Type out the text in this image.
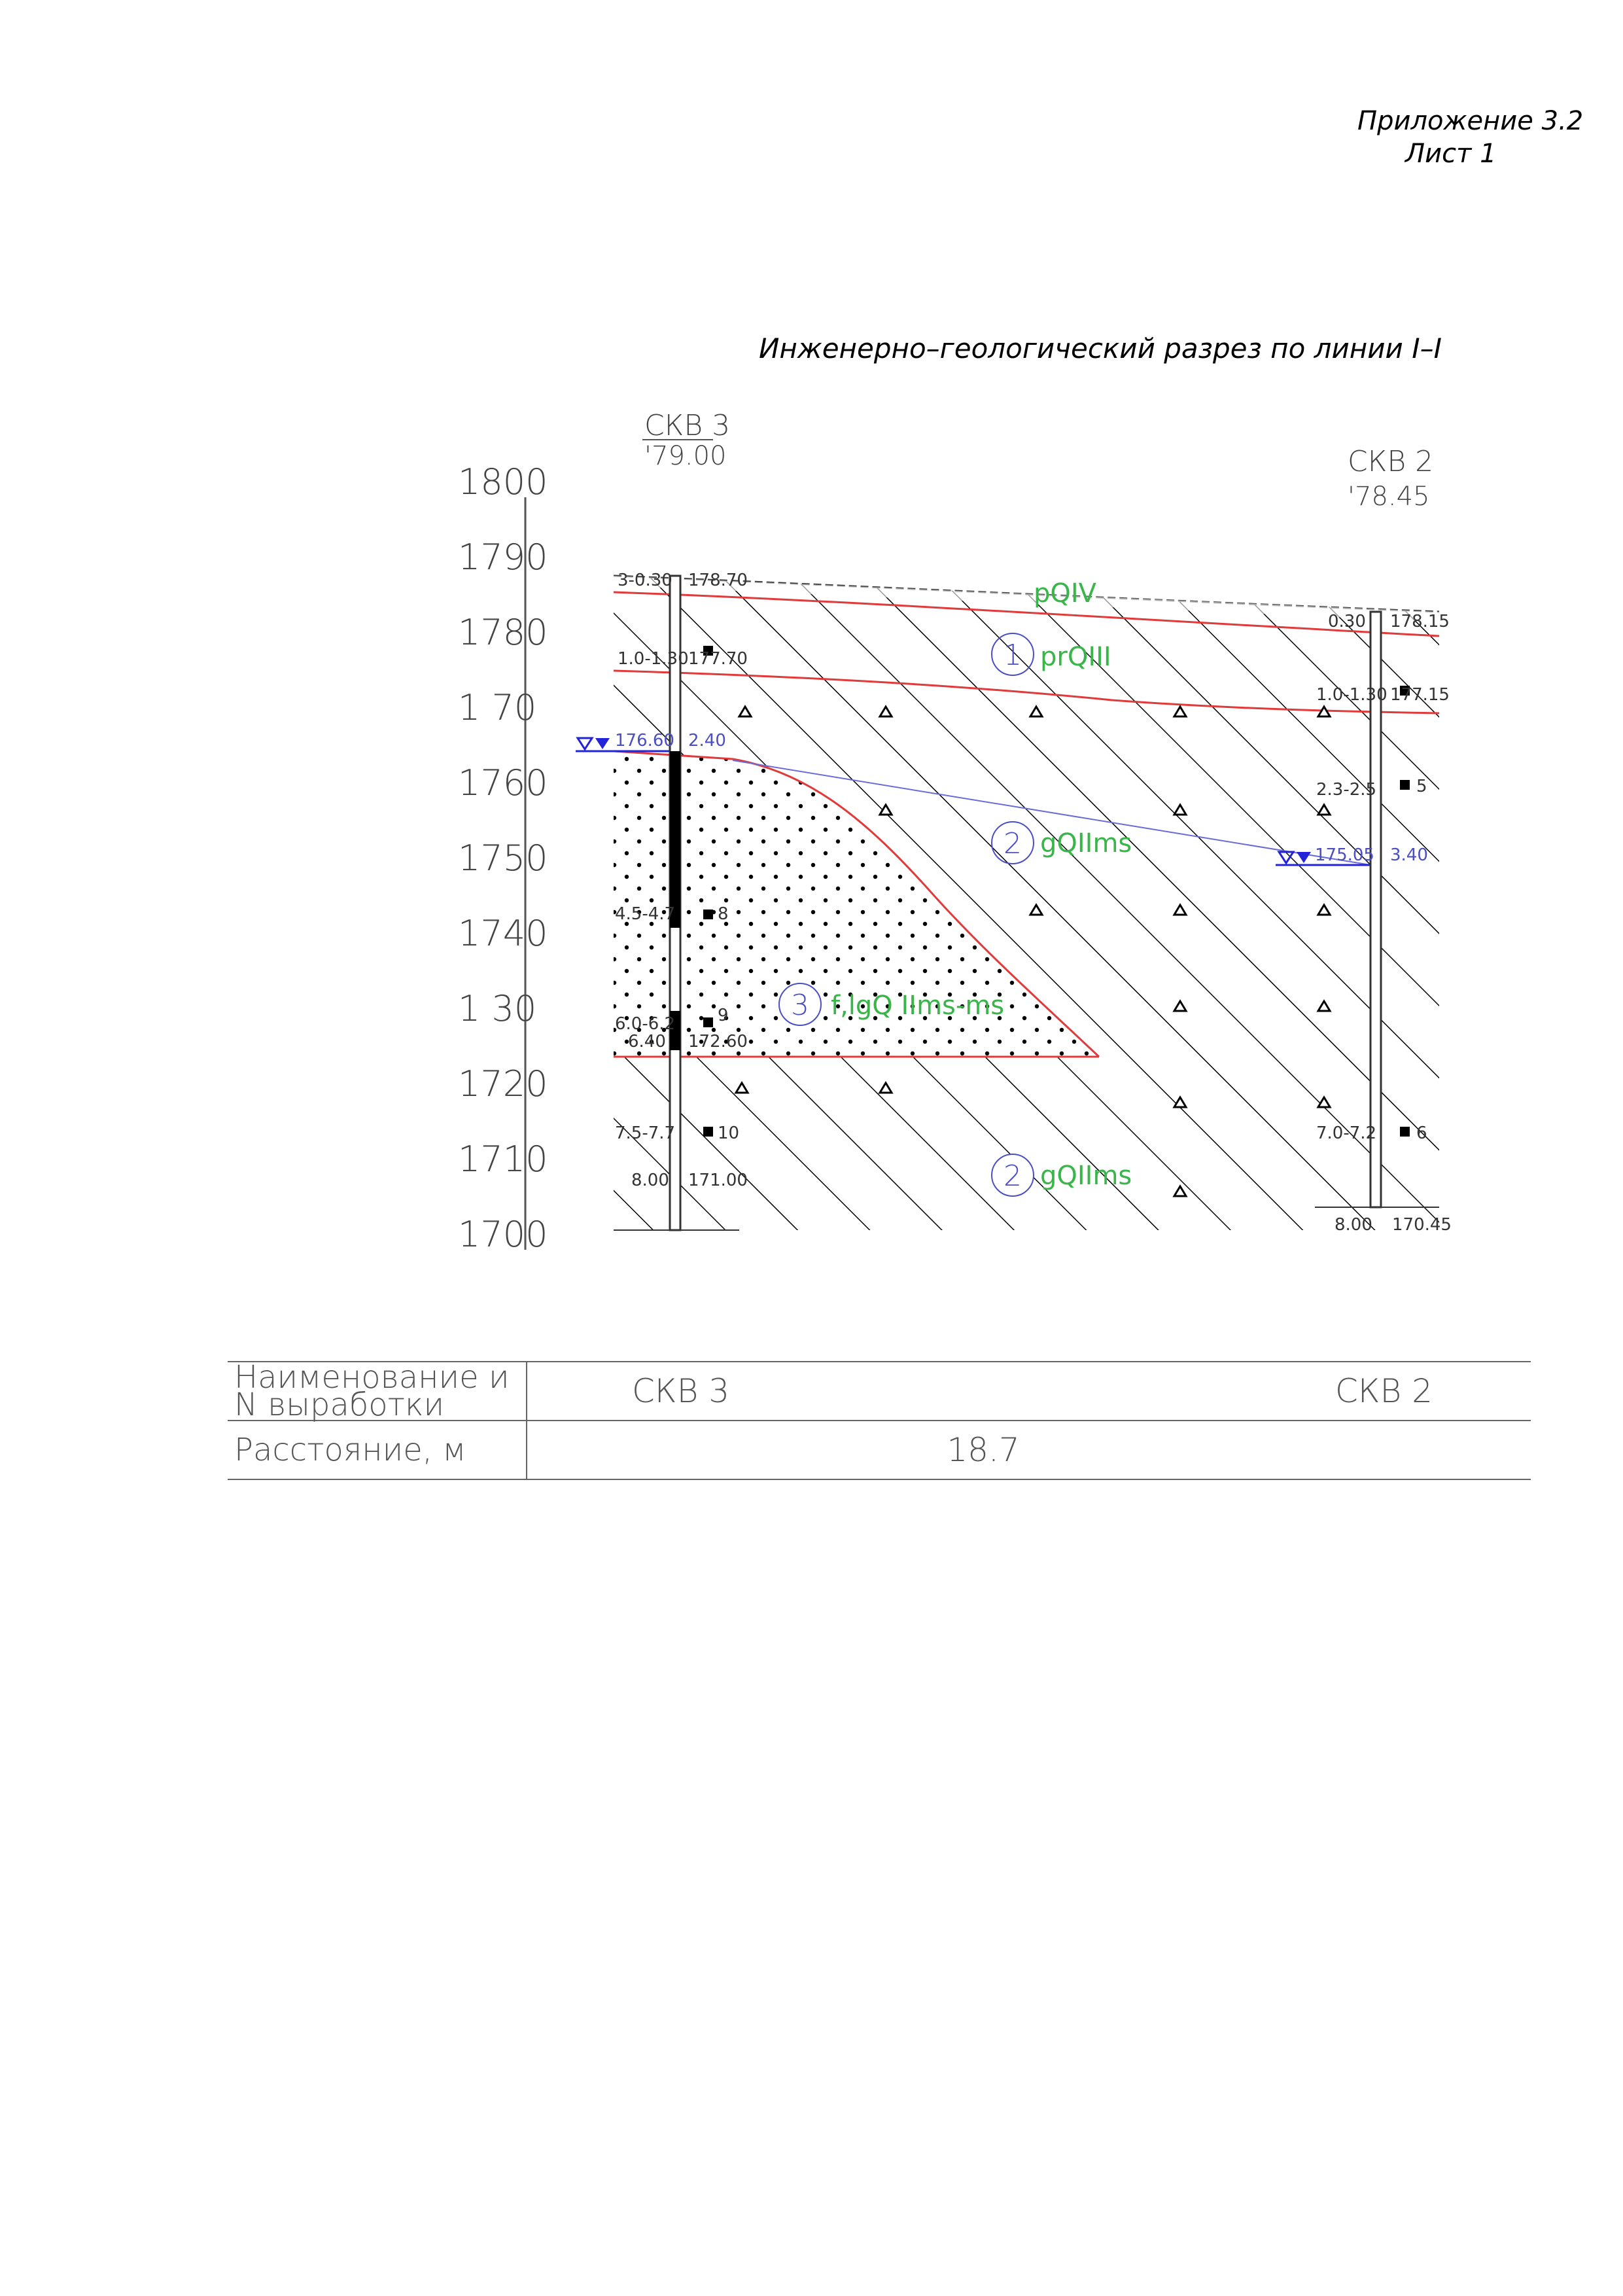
Приложение 3.2
Лист 1
Инженерно–геологический разрез по линии I–I
1800
1790
1780
1 70
1760
1750
1740
1 30
1720
1710
1700
СКВ 3
'79.00	СКВ 2
'78.45
pQIV
1 prQIII
2 gQIIms
3 f,lgQ IIms-ms
2 gQIIms
3-0.30 178.70
1.0-1.30 177.70
176.60 2.40
4.5-4.7 8
6.0-6.2
6.40
9
172.60
7.5-7.7 10
8.00 171.00
0.30 178.15
1.0-1.30 177.15
2.3-2.5 5
175.05 3.40
7.0-7.2 6
8.00 170.45
Наименование и N выработки	СКВ 3	СКВ 2
Расстояние, м	18.7	
